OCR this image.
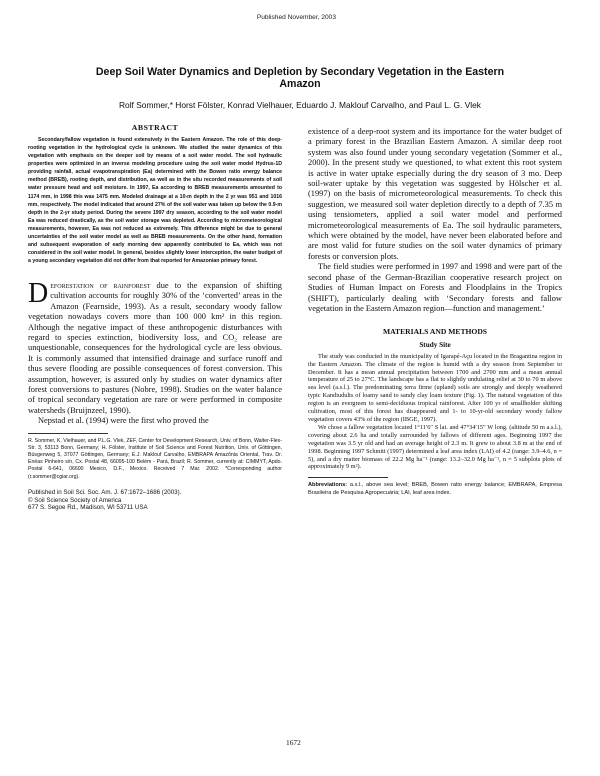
Published November, 2003
Deep Soil Water Dynamics and Depletion by Secondary Vegetation in the Eastern Amazon
Rolf Sommer,* Horst Fölster, Konrad Vielhauer, Eduardo J. Maklouf Carvalho, and Paul L. G. Vlek
ABSTRACT

Secondary/fallow vegetation is found extensively in the Eastern Amazon. The role of this deep-rooting vegetation in the hydrological cycle is unknown. We studied the water dynamics of this vegetation with emphasis on the deeper soil by means of a soil water model. The soil hydraulic properties were optimized in an inverse modeling procedure using the soil water model Hydrus-1D providing rainfall, actual evapotranspiration (Ea) determined with the Bowen ratio energy balance method (BREB), rooting depth, and distribution, as well as in the situ recorded measurements of soil water pressure head and soil moisture. In 1997, Ea according to BREB measurements amounted to 1174 mm, in 1998 this was 1475 mm. Modeled drainage at a 10-m depth in the 2 yr was 951 and 1016 mm, respectively. The model indicated that around 27% of the soil water was taken up below the 0.9-m depth in the 2-yr study period. During the severe 1997 dry season, according to the soil water model Ea was reduced drastically, as the soil water storage was depleted. According to micrometeorological measurements, however, Ea was not reduced as extremely. This difference might be due to general uncertainties of the soil water model as well as BREB measurements. On the other hand, formation and subsequent evaporation of early morning dew apparently contributed to Ea, which was not considered in the soil water model. In general, besides slightly lower interception, the water budget of a young secondary vegetation did not differ from that reported for Amazonian primary forest.

Deforestation of rainforest due to the expansion of shifting cultivation accounts for roughly 30% of the ‘converted’ areas in the Amazon (Fearnside, 1993). As a result, secondary woody fallow vegetation nowadays covers more than 100 000 km² in this region. Although the negative impact of these anthropogenic disturbances with regard to species extinction, biodiversity loss, and CO₂ release are unquestionable, consequences for the hydrological cycle are less obvious. It is commonly assumed that intensified drainage and surface runoff and thus severe flooding are possible consequences of forest conversion. This assumption, however, is assured only by studies on water dynamics after forest conversions to pastures (Nobre, 1998). Studies on the water balance of tropical secondary vegetation are rare or were performed in composite watersheds (Bruijnzeel, 1990).

Nepstad et al. (1994) were the first who proved the

R. Sommer, K. Vielhauer, and P.L.G. Vlek, ZEF, Center for Development Research, Univ. of Bonn, Walter-Flex-Str. 3, 53113 Bonn, Germany; H. Fölster, Institute of Soil Science and Forest Nutrition, Univ. of Göttingen, Büsgenweg 5, 37077 Göttingen, Germany; E.J. Maklouf Carvalho, EMBRAPA Amazônia Oriental, Trav. Dr. Enéas Pinheiro s/n, Cx. Postal 48, 66095-100 Belém - Pará, Brazil; R. Sommer, currently at: CIMMYT, Apdo. Postal 6-641, 06600 Mexico, D.F., Mexico. Received 7 Mar. 2002. *Corresponding author (r.sommer@cgiar.org).

Published in Soil Sci. Soc. Am. J. 67:1672–1686 (2003).
© Soil Science Society of America
677 S. Segoe Rd., Madison, WI 53711 USA

existence of a deep-root system and its importance for the water budget of a primary forest in the Brazilian Eastern Amazon. A similar deep root system was also found under young secondary vegetation (Sommer et al., 2000). In the present study we questioned, to what extent this root system is active in water uptake especially during the dry season of 3 mo. Deep soil-water uptake by this vegetation was suggested by Hölscher et al. (1997) on the basis of micrometeorological measurements. To check this suggestion, we measured soil water depletion directly to a depth of 7.35 m using tensiometers, applied a soil water model and performed micrometeorological measurements of Ea. The soil hydraulic parameters, which were obtained by the model, have never been elaborated before and are most valid for future studies on the soil water dynamics of primary forests or conversion plots.

The field studies were performed in 1997 and 1998 and were part of the second phase of the German-Brazilian cooperative research project on Studies of Human Impact on Forests and Floodplains in the Tropics (SHIFT), particularly dealing with ‘Secondary forests and fallow vegetation in the Eastern Amazon region—function and management.’

MATERIALS AND METHODS
Study Site

The study was conducted in the municipality of Igarapé-Açu located in the Bragantina region in the Eastern Amazon. The climate of the region is humid with a dry season from September to December. It has a mean annual precipitation between 1700 and 2700 mm and a mean annual temperature of 25 to 27°C. The landscape has a flat to slightly undulating relief at 30 to 70 m above sea level (a.s.l.). The predominating terra firme (upland) soils are strongly and deeply weathered typic Kandiudults of loamy sand to sandy clay loam texture (Fig. 1). The natural vegetation of this region is an evergreen to semi-deciduous tropical rainforest. After 100 yr of smallholder shifting cultivation, most of this forest has disappeared and 1- to 10-yr-old secondary woody fallow vegetation covers 43% of the region (IBGE, 1997).

We chose a fallow vegetation located 1°11′6″ S lat. and 47°34′15″ W long. (altitude 50 m a.s.l.), covering about 2.6 ha and totally surrounded by fallows of different ages. Beginning 1997 the vegetation was 3.5 yr old and had an average height of 2.3 m. It grew to about 3.8 m at the end of 1998. Beginning 1997 Schmitt (1997) determined a leaf area index (LAI) of 4.2 (range: 3.9–4.6, n = 5), and a dry matter biomass of 22.2 Mg ha⁻¹ (range: 13.2–32.0 Mg ha⁻¹, n = 5 subplots plots of approximately 9 m²).

Abbreviations: a.s.l., above sea level; BREB, Bowen ratio energy balance; EMBRAPA, Empresa Brasileira de Pesquisa Agropecuária; LAI, leaf area index.
1672
